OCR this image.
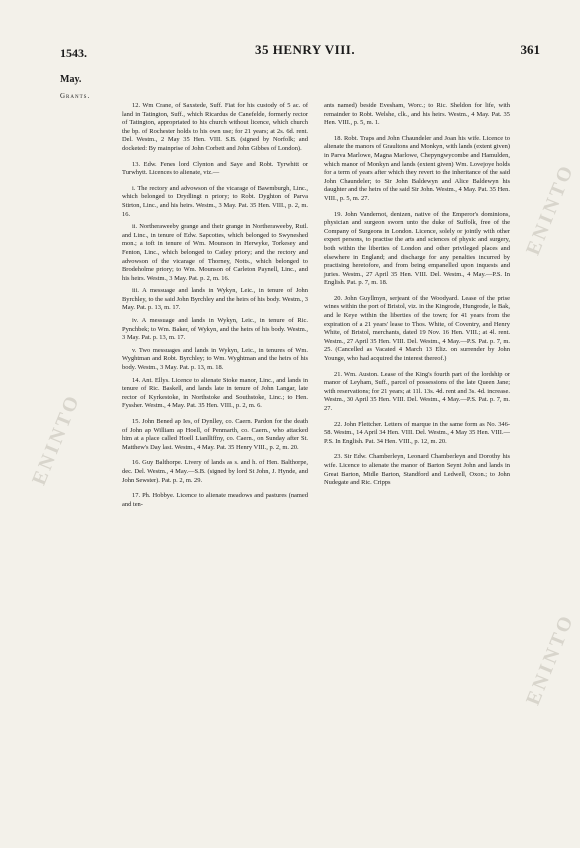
ENINTO
ENINTO
ENINTO
1543.	35 HENRY VIII.	361
May.
Grants.

12. Wm Crane, of Saxstede, Suff. Fiat for his custody of 5 ac. of land in Tatington, Suff., which Ricardus de Canefelde, formerly rector of Tatington, appropriated to his church without licence, which church the bp. of Rochester holds to his own use; for 21 years; at 2s. 6d. rent. Del. Westm., 2 May 35 Hen. VIII. S.B. (signed by Norfolk; and docketed: By mainprise of John Corbett and John Gibbes of London).

13. Edw. Fenes lord Clynton and Saye and Robt. Tyrwhitt or Turwhytt. Licences to alienate, viz.—

i. The rectory and advowson of the vicarage of Bawmburgh, Linc., which belonged to Drydlingt n priory; to Robt. Dyghton of Parva Stirton, Linc., and his heirs. Westm., 3 May. Pat. 35 Hen. VIII., p. 2, m. 16.

ii. Northeraweeby grange and their grange in Northeraweeby, Rutl. and Linc., in tenure of Edw. Sapcottes, which belonged to Swyneshed mon.; a toft in tenure of Wm. Mounson in Herwyke, Torkesey and Fenton, Linc., which belonged to Catley priory; and the rectory and advowson of the vicarage of Thorney, Notts., which belonged to Brodeholme priory; to Wm. Mounson of Carleton Paynell, Linc., and his heirs. Westm., 3 May. Pat. p. 2, m. 16.

iii. A messuage and lands in Wykyn, Leic., in tenure of John Byrchley, to the said John Byrchley and the heirs of his body. Westm., 3 May. Pat. p. 13, m. 17.

iv. A messuage and lands in Wykyn, Leic., in tenure of Ric. Pynchbek; to Wm. Baker, of Wykyn, and the heirs of his body. Westm., 3 May. Pat. p. 13, m. 17.

v. Two messuages and lands in Wykyn, Leic., in tenures of Wm. Wyghtman and Robt. Byrchley; to Wm. Wyghtman and the heirs of his body. Westm., 3 May. Pat. p. 13, m. 18.

14. Ant. Ellys. Licence to alienate Stoke manor, Linc., and lands in tenure of Ric. Baskell, and lands late in tenure of John Langar, late rector of Kyrkestoke, in Northstoke and Southstoke, Linc.; to Hen. Fyssher. Westm., 4 May. Pat. 35 Hen. VIII., p. 2, m. 6.

15. John Bened ap Ies, of Dynlley, co. Caern. Pardon for the death of John ap William ap Hoell, of Penmarth, co. Caern., who attacked him at a place called Hoell Lianlliffny, co. Caern., on Sunday after St. Matthew's Day last. Westm., 4 May. Pat. 35 Henry VIII., p. 2, m. 20.

16. Guy Balthorpe. Livery of lands as s. and h. of Hen. Balthorpe, dec. Del. Westm., 4 May.—S.B. (signed by lord St John, J. Hynde, and John Sewster). Pat. p. 2, m. 29.

17. Ph. Hobbye. Licence to alienate meadows and pastures (named and ten-

ants named) beside Evesham, Worc.; to Ric. Sheldon for life, with remainder to Robt. Welshe, clk., and his heirs. Westm., 4 May. Pat. 35 Hen. VIII., p. 5, m. 1.

18. Robt. Traps and John Chaundeler and Joan his wife. Licence to alienate the manors of Graultons and Monkyn, with lands (extent given) in Parva Marlowe, Magna Marlowe, Chepyngwycombe and Hamulden, which manor of Monkyn and lands (extent given) Wm. Lovejoye holds for a term of years after which they revert to the inheritance of the said John Chaundeler; to Sir John Baldewyn and Alice Baldewyn his daughter and the heirs of the said Sir John. Westm., 4 May. Pat. 35 Hen. VIII., p. 5, m. 27.

19. John Vandernot, denizen, native of the Emperor's dominions, physician and surgeon sworn unto the duke of Suffolk, free of the Company of Surgeons in London. Licence, solely or jointly with other expert persons, to practise the arts and sciences of physic and surgery, both within the liberties of London and other privileged places and elsewhere in England; and discharge for any penalties incurred by practising heretofore, and from being empanelled upon inquests and juries. Westm., 27 April 35 Hen. VIII. Del. Westm., 4 May.—P.S. In English. Pat. p. 7, m. 18.

20. John Guyllmyn, serjeant of the Woodyard. Lease of the prise wines within the port of Bristol, viz. in the Kingrode, Hungrode, le Bak, and le Keye within the liberties of the town; for 41 years from the expiration of a 21 years' lease to Thos. White, of Coventry, and Henry White, of Bristol, merchants, dated 19 Nov. 16 Hen. VIII.; at 4l. rent. Westm., 27 April 35 Hen. VIII. Del. Westm., 4 May.—P.S. Pat. p. 7, m. 25. (Cancelled as Vacated 4 March 13 Eliz. on surrender by John Younge, who had acquired the interest thereof.)

21. Wm. Auston. Lease of the King's fourth part of the lordship or manor of Leyham, Suff., parcel of possessions of the late Queen Jane; with reservations; for 21 years; at 11l. 13s. 4d. rent and 3s. 4d. increase. Westm., 30 April 35 Hen. VIII. Del. Westm., 4 May.—P.S. Pat. p. 7, m. 27.

22. John Flettcher. Letters of marque in the same form as No. 346-58. Westm., 14 April 34 Hen. VIII. Del. Westm., 4 May 35 Hen. VIII.—P.S. In English. Pat. 34 Hen. VIII., p. 12, m. 20.

23. Sir Edw. Chamberleyn, Leonard Chamberleyn and Dorothy his wife. Licence to alienate the manor of Barton Seynt John and lands in Great Barton, Midle Barton, Standford and Ledwell, Oxon.; to John Nudegate and Ric. Cripps
